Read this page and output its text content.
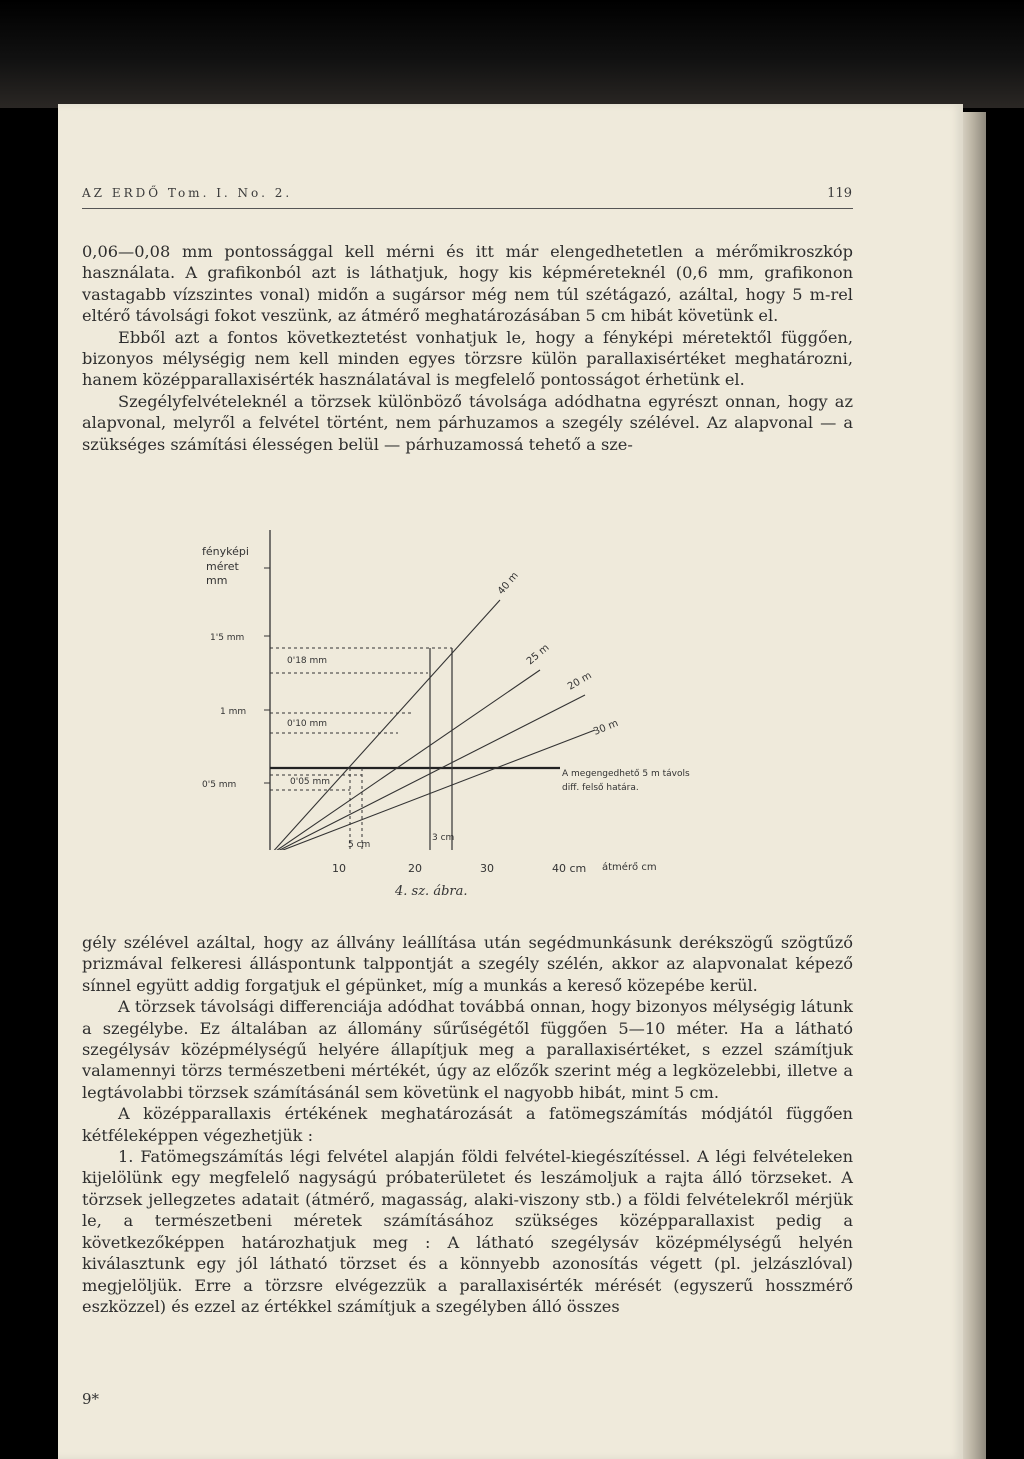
AZ ERDŐ Tom. I. No. 2.	119

0,06—0,08 mm pontossággal kell mérni és itt már elengedhetetlen a mérőmikroszkóp használata. A grafikonból azt is láthatjuk, hogy kis képméreteknél (0,6 mm, grafikonon vastagabb vízszintes vonal) midőn a sugársor még nem túl szétágazó, azáltal, hogy 5 m-rel eltérő távolsági fokot veszünk, az átmérő meghatározásában 5 cm hibát követünk el.

Ebből azt a fontos következtetést vonhatjuk le, hogy a fényképi méretektől függően, bizonyos mélységig nem kell minden egyes törzsre külön parallaxisértéket meghatározni, hanem középparallaxisérték használatával is megfelelő pontosságot érhetünk el.

Szegélyfelvételeknél a törzsek különböző távolsága adódhatna egyrészt onnan, hogy az alapvonal, melyről a felvétel történt, nem párhuzamos a szegély szélével. Az alapvonal — a szükséges számítási élességen belül — párhuzamossá tehető a sze-

fényképi
méret
mm
1'5 mm
1 mm
0'5 mm
40 m
25 m
20 m
30 m
0'18 mm
0'10 mm
0'05 mm
5 cm
3 cm
A megengedhető 5 m távolsági
diff. felső határa.
10	20	30	40 cm átmérő cm
4. sz. ábra.

gély szélével azáltal, hogy az állvány leállítása után segédmunkásunk derékszögű szögtűző prizmával felkeresi álláspontunk talppontját a szegély szélén, akkor az alapvonalat képező sínnel együtt addig forgatjuk el gépünket, míg a munkás a kereső közepébe kerül.

A törzsek távolsági differenciája adódhat továbbá onnan, hogy bizonyos mélységig látunk a szegélybe. Ez általában az állomány sűrűségétől függően 5—10 méter. Ha a látható szegélysáv középmélységű helyére állapítjuk meg a parallaxisértéket, s ezzel számítjuk valamennyi törzs természetbeni mértékét, úgy az előzők szerint még a legközelebbi, illetve a legtávolabbi törzsek számításánál sem követünk el nagyobb hibát, mint 5 cm.

A középparallaxis értékének meghatározását a fatömegszámítás módjától függően kétféleképpen végezhetjük :

1. Fatömegszámítás légi felvétel alapján földi felvétel-kiegészítéssel. A légi felvételeken kijelölünk egy megfelelő nagyságú próbaterületet és leszámoljuk a rajta álló törzseket. A törzsek jellegzetes adatait (átmérő, magasság, alaki-viszony stb.) a földi felvételekről mérjük le, a természetbeni méretek számításához szükséges középparallaxist pedig a következőképpen határozhatjuk meg : A látható szegélysáv középmélységű helyén kiválasztunk egy jól látható törzset és a könnyebb azonosítás végett (pl. jelzászlóval) megjelöljük. Erre a törzsre elvégezzük a parallaxisérték mérését (egyszerű hosszmérő eszközzel) és ezzel az értékkel számítjuk a szegélyben álló összes

9*
